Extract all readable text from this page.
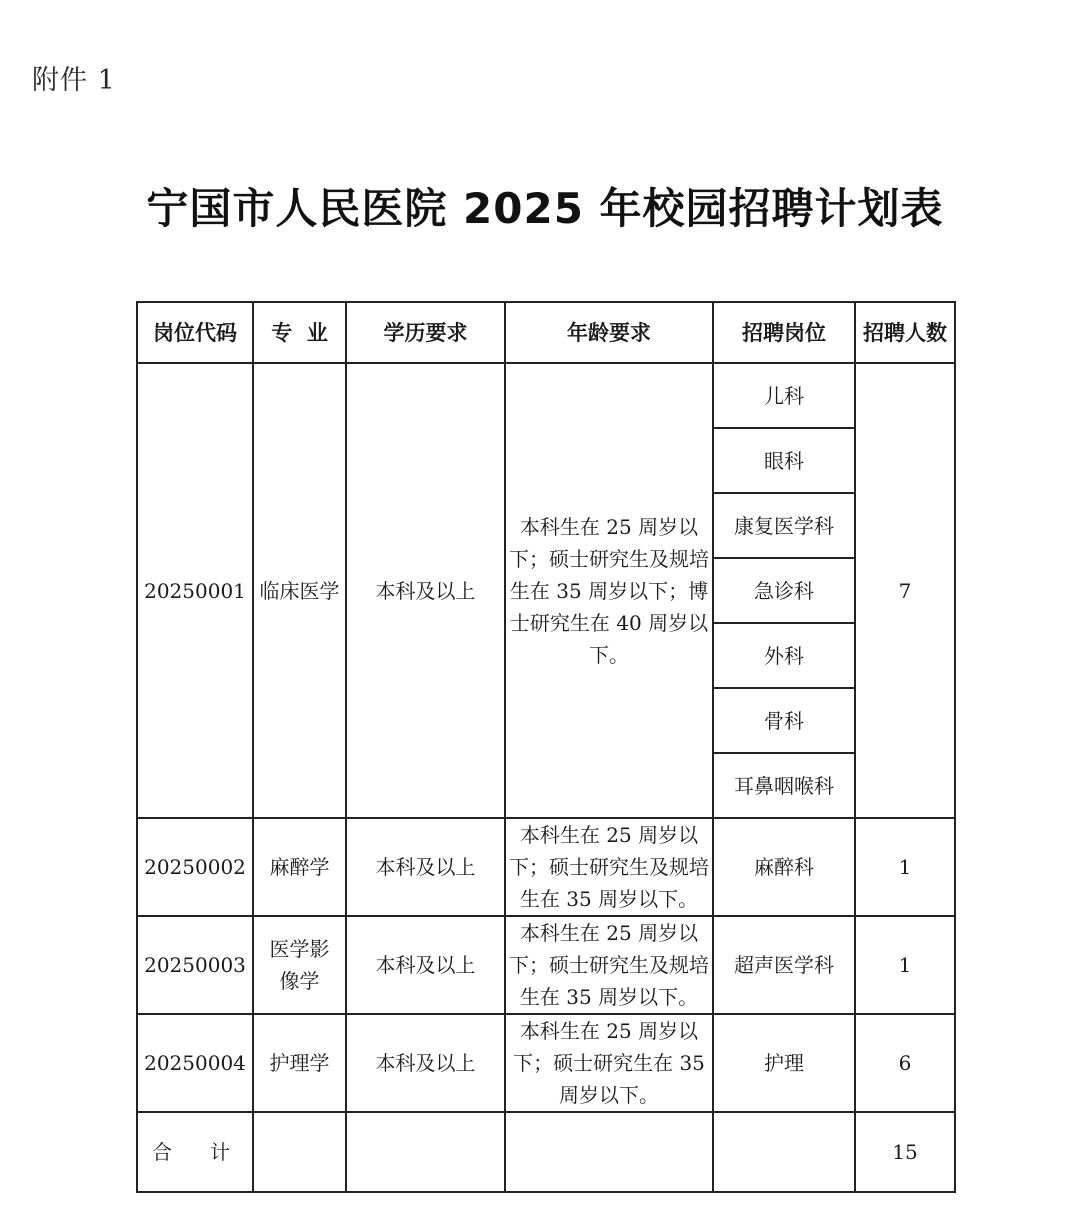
附件 1
宁国市人民医院 2025 年校园招聘计划表
岗位代码	专  业	学历要求	年龄要求	招聘岗位	招聘人数
20250001	临床医学	本科及以上	本科生在 25 周岁以下；硕士研究生及规培生在 35 周岁以下；博士研究生在 40 周岁以下。	儿科	7
				眼科	
				康复医学科	
				急诊科	
				外科	
				骨科	
				耳鼻咽喉科	
20250002	麻醉学	本科及以上	本科生在 25 周岁以下；硕士研究生及规培生在 35 周岁以下。	麻醉科	1
20250003	医学影像学	本科及以上	本科生在 25 周岁以下；硕士研究生及规培生在 35 周岁以下。	超声医学科	1
20250004	护理学	本科及以上	本科生在 25 周岁以下；硕士研究生在 35 周岁以下。	护理	6
合 计					15
